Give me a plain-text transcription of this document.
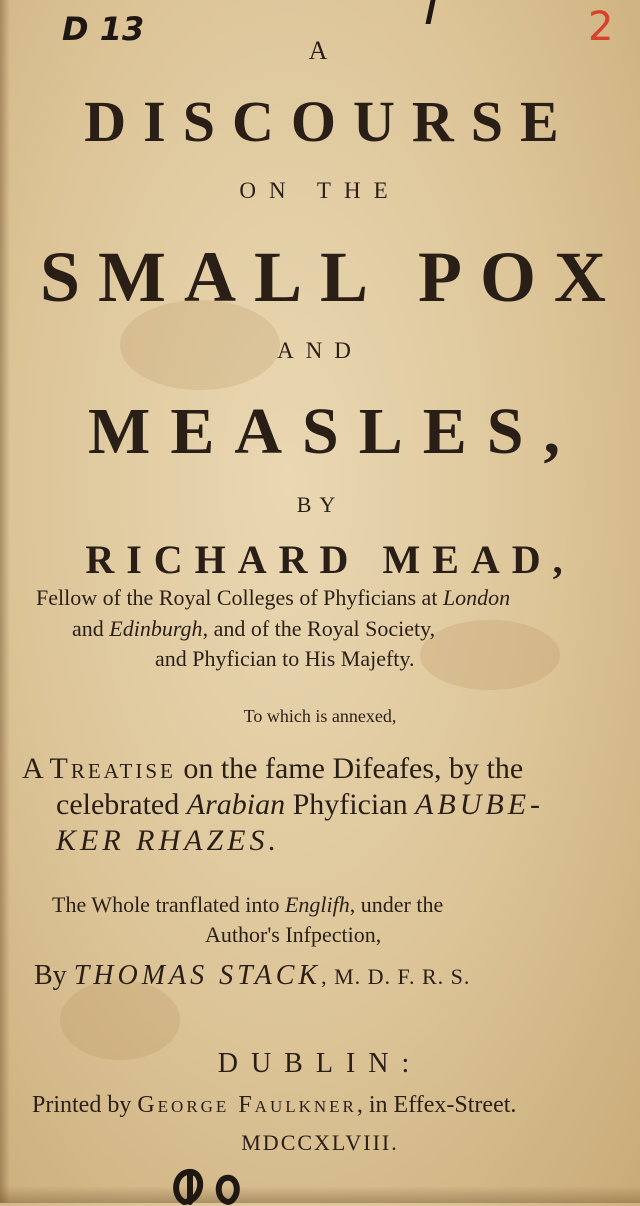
D 13	2
A
DISCOURSE
ON THE
SMALL POX
AND
MEASLES,
BY
RICHARD MEAD,
Fellow of the Royal Colleges of Phyficians at London
and Edinburgh, and of the Royal Society,
and Phyfician to His Majefty.
To which is annexed,
A Treatise on the fame Difeafes, by the
celebrated Arabian Phyfician ABUBE-
KER RHAZES.
The Whole tranflated into Englifh, under the
Author's Infpection,
By THOMAS STACK, M. D. F. R. S.
DUBLIN:
Printed by George Faulkner, in Effex-Street.
MDCCXLVIII.
